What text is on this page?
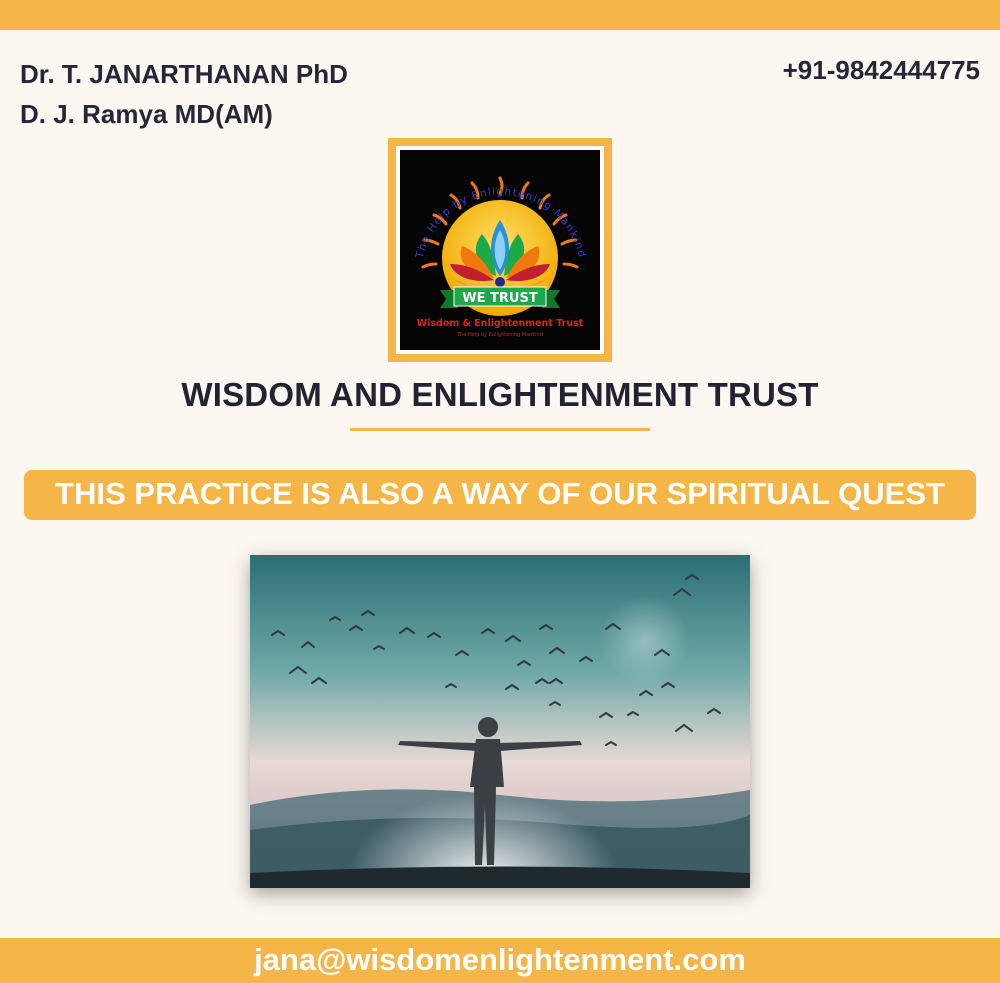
Dr. T. JANARTHANAN PhD
D. J. Ramya MD(AM)
+91-9842444775
The Help by Enlightening Mankind
WE TRUST
Wisdom & Enlightenment Trust
The Help by Enlightening Mankind
WISDOM AND ENLIGHTENMENT TRUST
THIS PRACTICE IS ALSO A WAY OF OUR SPIRITUAL QUEST
jana@wisdomenlightenment.com
